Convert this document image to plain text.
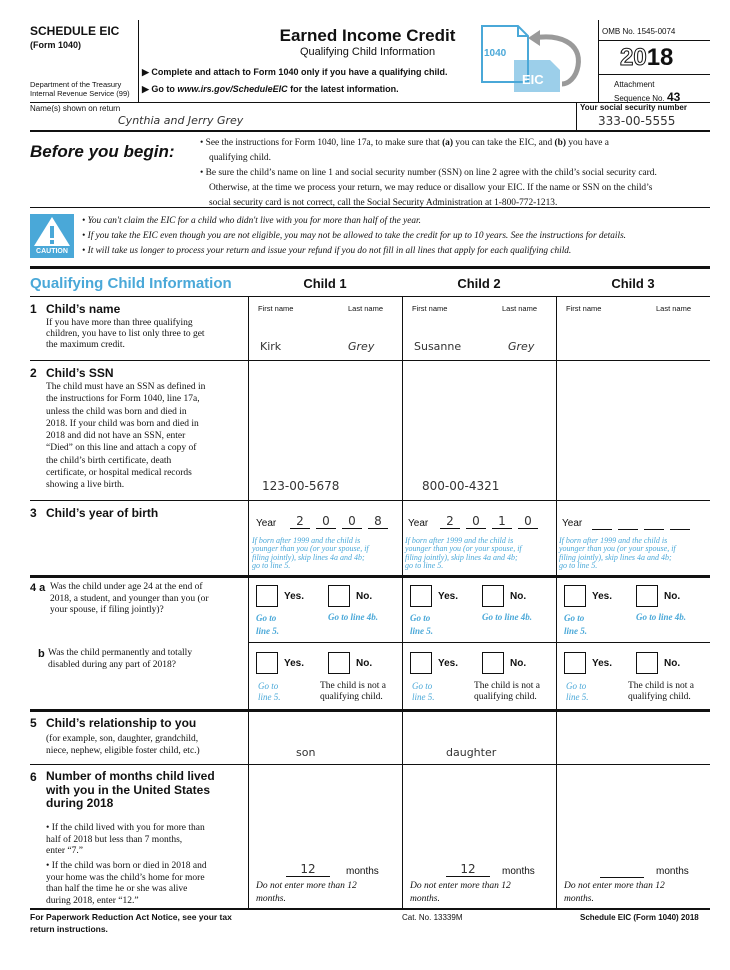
SCHEDULE EIC
(Form 1040)
Department of the Treasury
Internal Revenue Service (99)
Earned Income Credit
Qualifying Child Information
▶ Complete and attach to Form 1040 only if you have a qualifying child.
▶ Go to www.irs.gov/ScheduleEIC for the latest information.
1040
EIC
OMB No. 1545-0074
2018
Attachment
Sequence No. 43
Name(s) shown on return
Cynthia and Jerry Grey
Your social security number
333-00-5555
Before you begin:	• See the instructions for Form 1040, line 17a, to make sure that (a) you can take the EIC, and (b) you have a
qualifying child.
• Be sure the child’s name on line 1 and social security number (SSN) on line 2 agree with the child’s social security card.
Otherwise, at the time we process your return, we may reduce or disallow your EIC. If the name or SSN on the child’s
social security card is not correct, call the Social Security Administration at 1-800-772-1213.
CAUTION
• You can't claim the EIC for a child who didn't live with you for more than half of the year.
• If you take the EIC even though you are not eligible, you may not be allowed to take the credit for up to 10 years. See the instructions for details.
• It will take us longer to process your return and issue your refund if you do not fill in all lines that apply for each qualifying child.
Qualifying Child Information	Child 1	Child 2	Child 3
1 Child’s name
If you have more than three qualifying
children, you have to list only three to get
the maximum credit.
First name	Last name	First name	Last name	First name	Last name
Kirk	Grey	Susanne	Grey
2 Child’s SSN
The child must have an SSN as defined in
the instructions for Form 1040, line 17a,
unless the child was born and died in
2018. If your child was born and died in
2018 and did not have an SSN, enter
“Died” on this line and attach a copy of
the child’s birth certificate, death
certificate, or hospital medical records
showing a live birth.	123-00-5678	800-00-4321
3 Child’s year of birth
Year	2	0	0	8
If born after 1999 and the child is
younger than you (or your spouse, if
filing jointly), skip lines 4a and 4b;
go to line 5.
Year	2	0	1	0
If born after 1999 and the child is
younger than you (or your spouse, if
filing jointly), skip lines 4a and 4b;
go to line 5.
Year
If born after 1999 and the child is
younger than you (or your spouse, if
filing jointly), skip lines 4a and 4b;
go to line 5.
4 a Was the child under age 24 at the end of
2018, a student, and younger than you (or
your spouse, if filing jointly)?
Yes.	No.
Go to
line 5.
Go to line 4b.
Yes.	No.
Go to
line 5.
Go to line 4b.
Yes.	No.
Go to
line 5.
Go to line 4b.
b Was the child permanently and totally
disabled during any part of 2018?	Yes.	No.
Go to
line 5.
The child is not a
qualifying child.
Yes.	No.
Go to
line 5.
The child is not a
qualifying child.
Yes.	No.
Go to
line 5.
The child is not a
qualifying child.
5 Child’s relationship to you
(for example, son, daughter, grandchild,
niece, nephew, eligible foster child, etc.)	son	daughter
6 Number of months child lived
with you in the United States
during 2018
• If the child lived with you for more than
half of 2018 but less than 7 months,
enter “7.”
• If the child was born or died in 2018 and
your home was the child’s home for more
than half the time he or she was alive
during 2018, enter “12.”
12	months
Do not enter more than 12
months.
12	months
Do not enter more than 12
months.
months
Do not enter more than 12
months.
For Paperwork Reduction Act Notice, see your tax
return instructions.
Cat. No. 13339M	Schedule EIC (Form 1040) 2018
